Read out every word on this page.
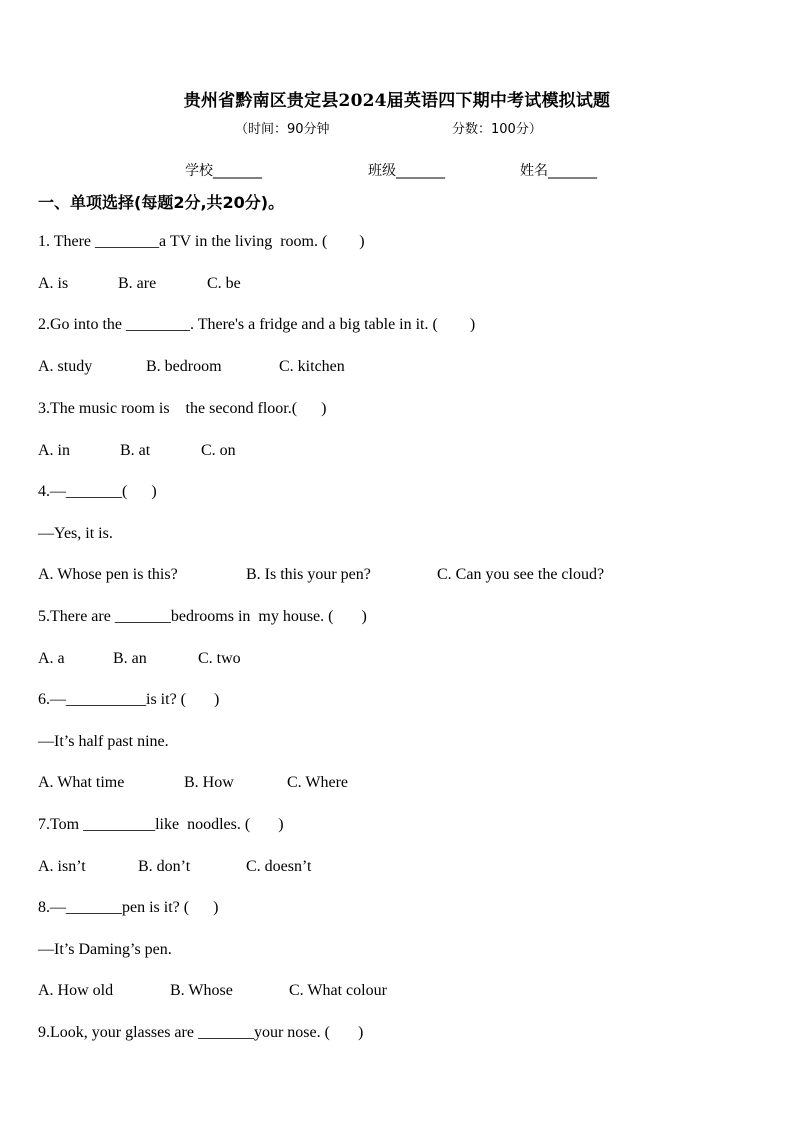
贵州省黔南区贵定县2024届英语四下期中考试模拟试题
（时间：90分钟	分数：100分）
学校_______	班级_______	姓名_______
一、单项选择(每题2分,共20分)。
1. There ________a TV in the living  room. (        )
A. is	B. are	C. be
2.Go into the ________. There's a fridge and a big table in it. (        )
A. study	B. bedroom	C. kitchen
3.The music room is    the second floor.(      )
A. in	B. at	C. on
4.—_______(      )
—Yes, it is.
A. Whose pen is this?	B. Is this your pen?	C. Can you see the cloud?
5.There are _______bedrooms in  my house. (       )
A. a	B. an	C. two
6.—__________is it? (       )
—It’s half past nine.
A. What time	B. How	C. Where
7.Tom _________like  noodles. (       )
A. isn’t	B. don’t	C. doesn’t
8.—_______pen is it? (      )
—It’s Daming’s pen.
A. How old	B. Whose	C. What colour
9.Look, your glasses are _______your nose. (       )
